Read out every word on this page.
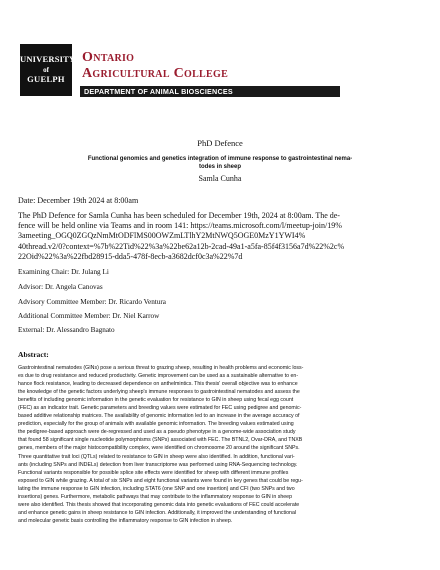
UNIVERSITY
of
GUELPH
Ontario
Agricultural College
DEPARTMENT OF ANIMAL BIOSCIENCES
PhD Defence
Functional genomics and genetics integration of immune response to gastrointestinal nema-
todes in sheep
Samla Cunha
Date: December 19th 2024 at 8:00am
The PhD Defence for Samla Cunha has been scheduled for December 19th, 2024 at 8:00am. The de-
fence will be held online via Teams and in room 141: https://teams.microsoft.com/l/meetup-join/19%
3ameeting_OGQ0ZGQzNmMtODFlMS00OWZmLTlhY2MtNWQ5OGE0MzY1YWI4%
40thread.v2/0?context=%7b%22Tid%22%3a%22be62a12b-2cad-49a1-a5fa-85f4f3156a7d%22%2c%
22Oid%22%3a%22fbd28915-dda5-478f-8ecb-a3682dcf0c3a%22%7d
Examining Chair: Dr. Julang Li
Advisor: Dr. Angela Canovas
Advisory Committee Member: Dr. Ricardo Ventura
Additional Committee Member: Dr. Niel Karrow
External: Dr. Alessandro Bagnato
Abstract:
Gastrointestinal nematodes (GINs) pose a serious threat to grazing sheep, resulting in health problems and economic loss-
es due to drug resistance and reduced productivity. Genetic improvement can be used as a sustainable alternative to en-
hance flock resistance, leading to decreased dependence on anthelmintics. This thesis' overall objective was to enhance
the knowledge of the genetic factors underlying sheep's immune responses to gastrointestinal nematodes and assess the
benefits of including genomic information in the genetic evaluation for resistance to GIN in sheep using fecal egg count
(FEC) as an indicator trait. Genetic parameters and breeding values were estimated for FEC using pedigree and genomic-
based additive relationship matrices. The availability of genomic information led to an increase in the average accuracy of
prediction, especially for the group of animals with available genomic information. The breeding values estimated using
the pedigree-based approach were de-regressed and used as a pseudo phenotype in a genome-wide association study
that found 58 significant single nucleotide polymorphisms (SNPs) associated with FEC. The BTNL2, Ovar-DRA, and TNXB
genes, members of the major histocompatibility complex, were identified on chromosome 20 around the significant SNPs.
Three quantitative trait loci (QTLs) related to resistance to GIN in sheep were also identified. In addition, functional vari-
ants (including SNPs and INDELs) detection from liver transcriptome was performed using RNA-Sequencing technology.
Functional variants responsible for possible splice site effects were identified for sheep with different immune profiles
exposed to GIN while grazing. A total of six SNPs and eight functional variants were found in key genes that could be regu-
lating the immune response to GIN infection, including STAT6 (one SNP and one insertion) and CFI (two SNPs and two
insertions) genes. Furthermore, metabolic pathways that may contribute to the inflammatory response to GIN in sheep
were also identified. This thesis showed that incorporating genomic data into genetic evaluations of FEC could accelerate
and enhance genetic gains in sheep resistance to GIN infection. Additionally, it improved the understanding of functional
and molecular genetic basis controlling the inflammatory response to GIN infection in sheep.
